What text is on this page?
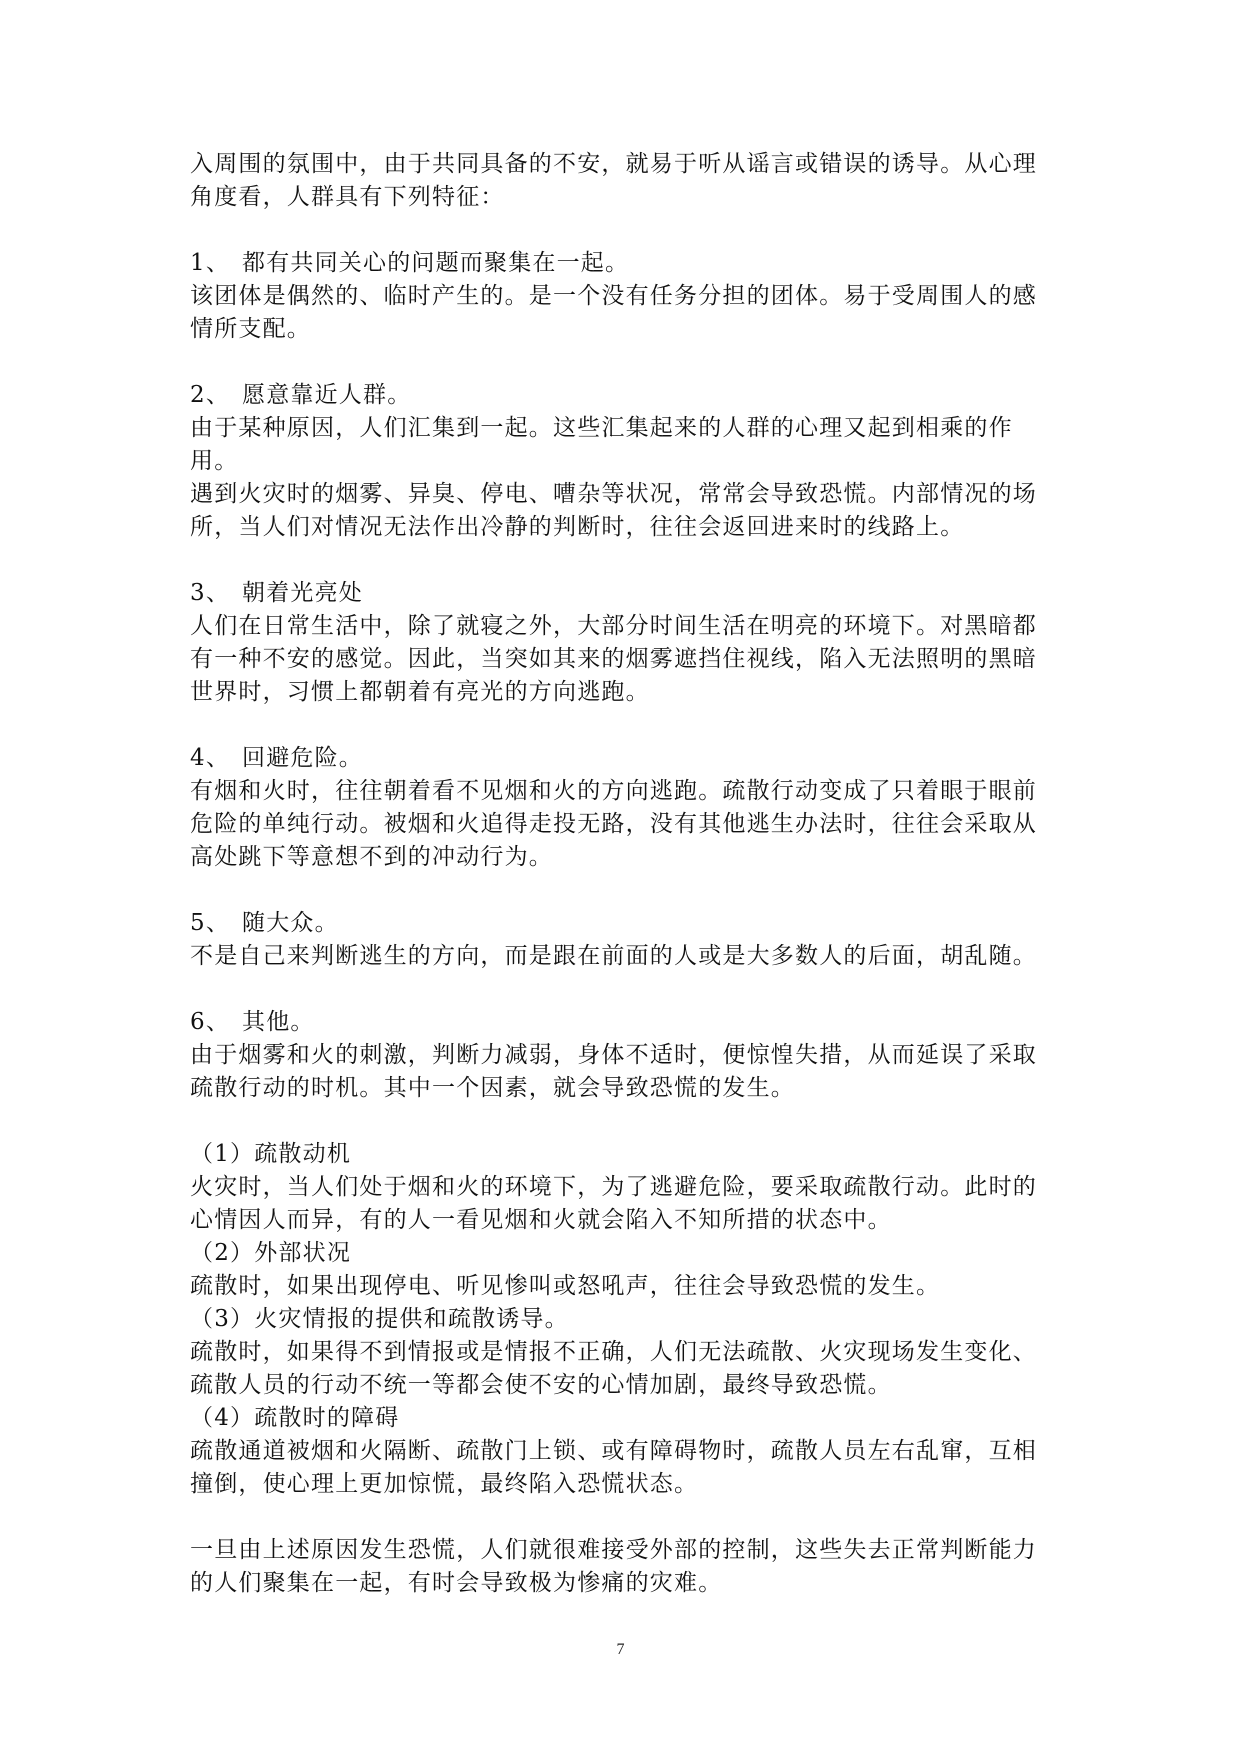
入周围的氛围中，由于共同具备的不安，就易于听从谣言或错误的诱导。从心理

角度看，人群具有下列特征：

1、 都有共同关心的问题而聚集在一起。

该团体是偶然的、临时产生的。是一个没有任务分担的团体。易于受周围人的感

情所支配。

2、 愿意靠近人群。

由于某种原因，人们汇集到一起。这些汇集起来的人群的心理又起到相乘的作用。

遇到火灾时的烟雾、异臭、停电、嘈杂等状况，常常会导致恐慌。内部情况的场

所，当人们对情况无法作出冷静的判断时，往往会返回进来时的线路上。

3、 朝着光亮处

人们在日常生活中，除了就寝之外，大部分时间生活在明亮的环境下。对黑暗都

有一种不安的感觉。因此，当突如其来的烟雾遮挡住视线，陷入无法照明的黑暗

世界时，习惯上都朝着有亮光的方向逃跑。

4、 回避危险。

有烟和火时，往往朝着看不见烟和火的方向逃跑。疏散行动变成了只着眼于眼前

危险的单纯行动。被烟和火追得走投无路，没有其他逃生办法时，往往会采取从

高处跳下等意想不到的冲动行为。

5、 随大众。

不是自己来判断逃生的方向，而是跟在前面的人或是大多数人的后面，胡乱随。

6、 其他。

由于烟雾和火的刺激，判断力减弱，身体不适时，便惊惶失措，从而延误了采取

疏散行动的时机。其中一个因素，就会导致恐慌的发生。

（1）疏散动机

火灾时，当人们处于烟和火的环境下，为了逃避危险，要采取疏散行动。此时的

心情因人而异，有的人一看见烟和火就会陷入不知所措的状态中。

（2）外部状况

疏散时，如果出现停电、听见惨叫或怒吼声，往往会导致恐慌的发生。

（3）火灾情报的提供和疏散诱导。

疏散时，如果得不到情报或是情报不正确，人们无法疏散、火灾现场发生变化、

疏散人员的行动不统一等都会使不安的心情加剧，最终导致恐慌。

（4）疏散时的障碍

疏散通道被烟和火隔断、疏散门上锁、或有障碍物时，疏散人员左右乱窜，互相

撞倒，使心理上更加惊慌，最终陷入恐慌状态。

一旦由上述原因发生恐慌，人们就很难接受外部的控制，这些失去正常判断能力

的人们聚集在一起，有时会导致极为惨痛的灾难。

7
